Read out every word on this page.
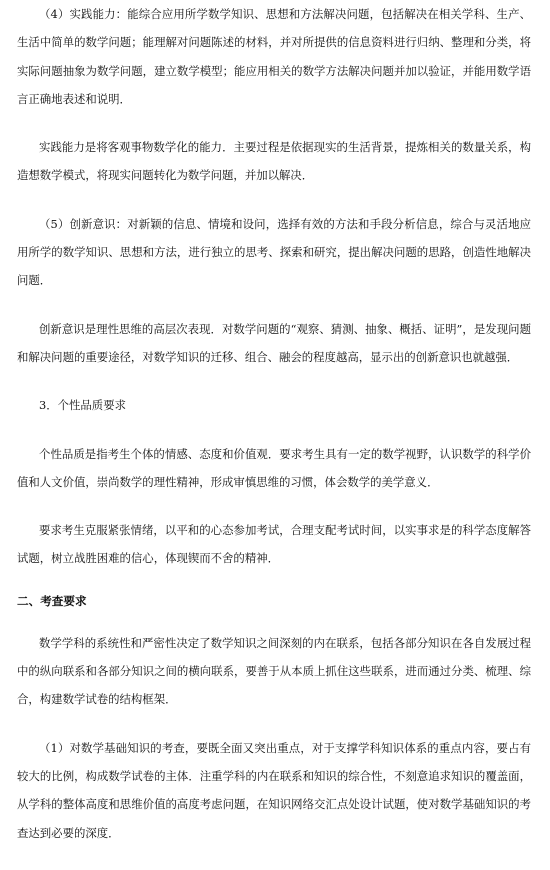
（4）实践能力：能综合应用所学数学知识、思想和方法解决问题，包括解决在相关学科、生产、生活中简单的数学问题；能理解对问题陈述的材料，并对所提供的信息资料进行归纳、整理和分类，将实际问题抽象为数学问题，建立数学模型；能应用相关的数学方法解决问题并加以验证，并能用数学语言正确地表述和说明．

实践能力是将客观事物数学化的能力．主要过程是依据现实的生活背景，提炼相关的数量关系，构造想数学模式，将现实问题转化为数学问题，并加以解决．

（5）创新意识：对新颖的信息、情境和设问，选择有效的方法和手段分析信息，综合与灵活地应用所学的数学知识、思想和方法，进行独立的思考、探索和研究，提出解决问题的思路，创造性地解决问题．

创新意识是理性思维的高层次表现．对数学问题的“观察、猜测、抽象、概括、证明”，是发现问题和解决问题的重要途径，对数学知识的迁移、组合、融会的程度越高，显示出的创新意识也就越强．

3．个性品质要求

个性品质是指考生个体的情感、态度和价值观．要求考生具有一定的数学视野，认识数学的科学价值和人文价值，崇尚数学的理性精神，形成审慎思维的习惯，体会数学的美学意义．

要求考生克服紧张情绪，以平和的心态参加考试，合理支配考试时间，以实事求是的科学态度解答试题，树立战胜困难的信心，体现锲而不舍的精神．

二、考查要求

数学学科的系统性和严密性决定了数学知识之间深刻的内在联系，包括各部分知识在各自发展过程中的纵向联系和各部分知识之间的横向联系，要善于从本质上抓住这些联系，进而通过分类、梳理、综合，构建数学试卷的结构框架．

（1）对数学基础知识的考查，要既全面又突出重点，对于支撑学科知识体系的重点内容，要占有较大的比例，构成数学试卷的主体．注重学科的内在联系和知识的综合性，不刻意追求知识的覆盖面，从学科的整体高度和思维价值的高度考虑问题，在知识网络交汇点处设计试题，使对数学基础知识的考查达到必要的深度．
